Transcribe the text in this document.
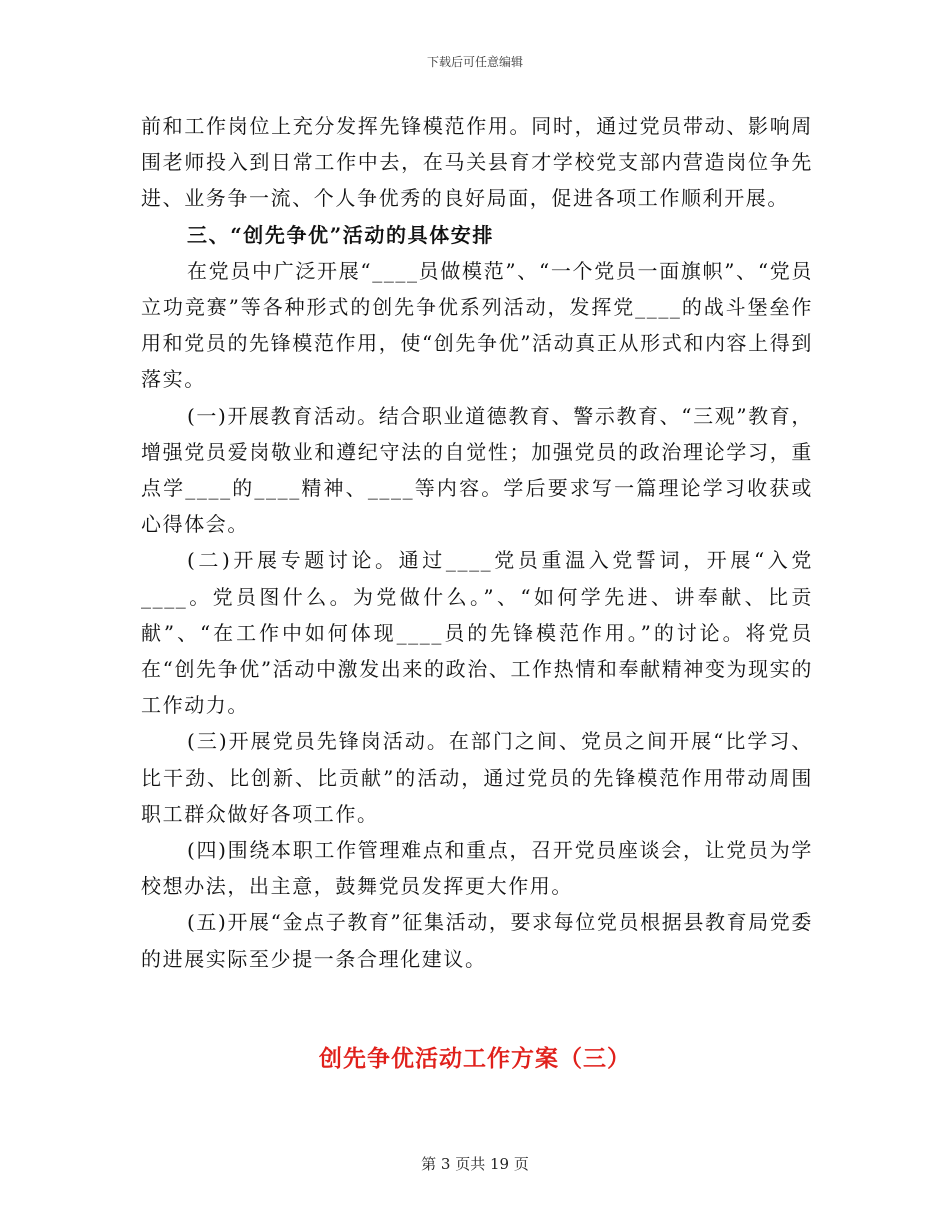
下载后可任意编辑

前和工作岗位上充分发挥先锋模范作用。同时，通过党员带动、影响周围老师投入到日常工作中去，在马关县育才学校党支部内营造岗位争先进、业务争一流、个人争优秀的良好局面，促进各项工作顺利开展。

三、“创先争优”活动的具体安排

在党员中广泛开展“____员做模范”、“一个党员一面旗帜”、“党员立功竞赛”等各种形式的创先争优系列活动，发挥党____的战斗堡垒作用和党员的先锋模范作用，使“创先争优”活动真正从形式和内容上得到落实。

(一)开展教育活动。结合职业道德教育、警示教育、“三观”教育，增强党员爱岗敬业和遵纪守法的自觉性；加强党员的政治理论学习，重点学____的____精神、____等内容。学后要求写一篇理论学习收获或心得体会。

(二)开展专题讨论。通过____党员重温入党誓词，开展“入党____。党员图什么。为党做什么。”、“如何学先进、讲奉献、比贡献”、“在工作中如何体现____员的先锋模范作用。”的讨论。将党员在“创先争优”活动中激发出来的政治、工作热情和奉献精神变为现实的工作动力。

(三)开展党员先锋岗活动。在部门之间、党员之间开展“比学习、比干劲、比创新、比贡献”的活动，通过党员的先锋模范作用带动周围职工群众做好各项工作。

(四)围绕本职工作管理难点和重点，召开党员座谈会，让党员为学校想办法，出主意，鼓舞党员发挥更大作用。

(五)开展“金点子教育”征集活动，要求每位党员根据县教育局党委的进展实际至少提一条合理化建议。

创先争优活动工作方案（三）
第 3 页共 19 页
